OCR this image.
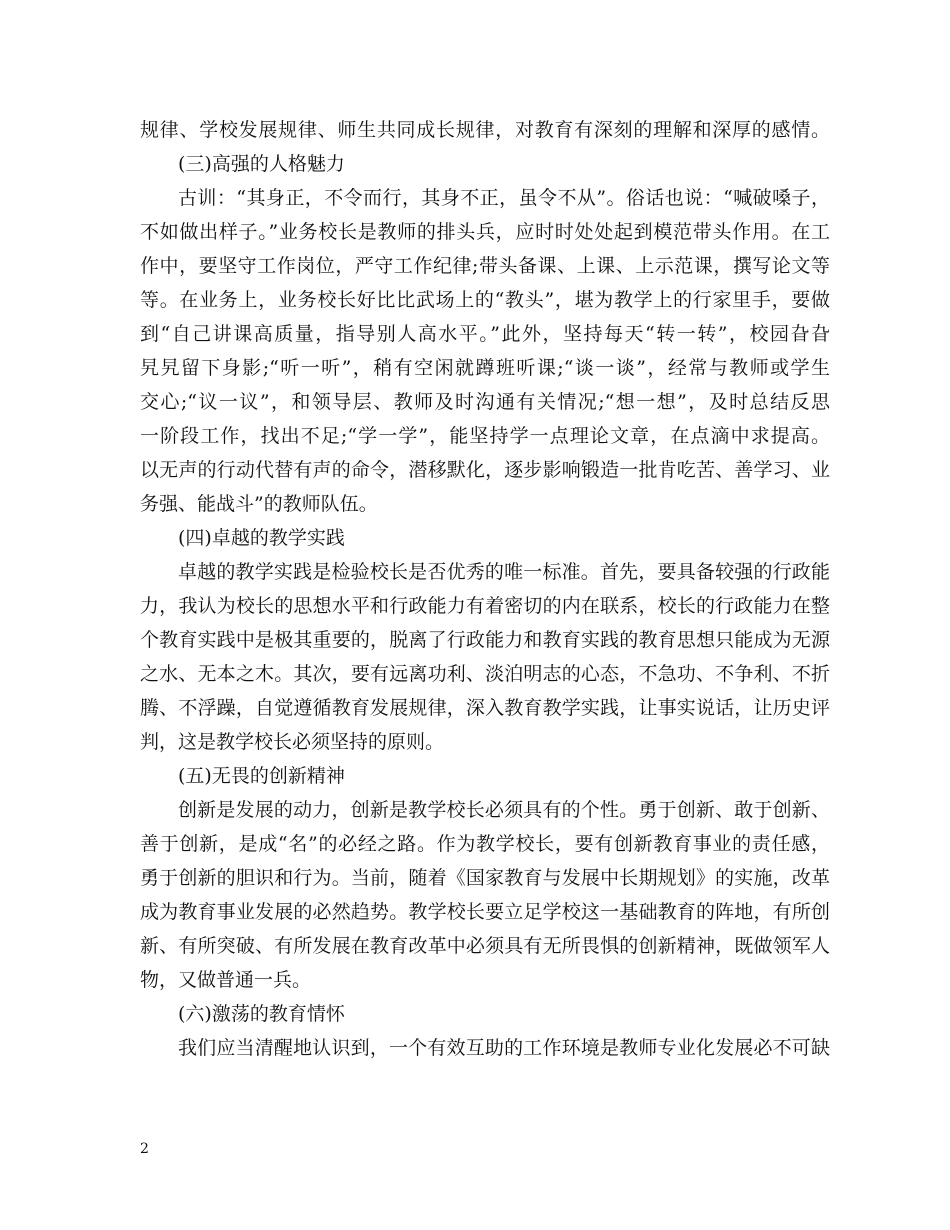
规律、学校发展规律、师生共同成长规律，对教育有深刻的理解和深厚的感情。
(三)高强的人格魅力
古训：“其身正，不令而行，其身不正，虽令不从”。俗话也说：“喊破嗓子，
不如做出样子。”业务校长是教师的排头兵，应时时处处起到模范带头作用。在工
作中，要坚守工作岗位，严守工作纪律;带头备课、上课、上示范课，撰写论文等
等。在业务上，业务校长好比比武场上的“教头”，堪为教学上的行家里手，要做
到“自己讲课高质量，指导别人高水平。”此外，坚持每天“转一转”，校园旮旮
旯旯留下身影;“听一听”，稍有空闲就蹲班听课;“谈一谈”，经常与教师或学生
交心;“议一议”，和领导层、教师及时沟通有关情况;“想一想”，及时总结反思
一阶段工作，找出不足;“学一学”，能坚持学一点理论文章，在点滴中求提高。
以无声的行动代替有声的命令，潜移默化，逐步影响锻造一批肯吃苦、善学习、业
务强、能战斗”的教师队伍。
(四)卓越的教学实践
卓越的教学实践是检验校长是否优秀的唯一标准。首先，要具备较强的行政能
力，我认为校长的思想水平和行政能力有着密切的内在联系，校长的行政能力在整
个教育实践中是极其重要的，脱离了行政能力和教育实践的教育思想只能成为无源
之水、无本之木。其次，要有远离功利、淡泊明志的心态，不急功、不争利、不折
腾、不浮躁，自觉遵循教育发展规律，深入教育教学实践，让事实说话，让历史评
判，这是教学校长必须坚持的原则。
(五)无畏的创新精神
创新是发展的动力，创新是教学校长必须具有的个性。勇于创新、敢于创新、
善于创新，是成“名”的必经之路。作为教学校长，要有创新教育事业的责任感，
勇于创新的胆识和行为。当前，随着《国家教育与发展中长期规划》的实施，改革
成为教育事业发展的必然趋势。教学校长要立足学校这一基础教育的阵地，有所创
新、有所突破、有所发展在教育改革中必须具有无所畏惧的创新精神，既做领军人
物，又做普通一兵。
(六)激荡的教育情怀
我们应当清醒地认识到，一个有效互助的工作环境是教师专业化发展必不可缺
2
